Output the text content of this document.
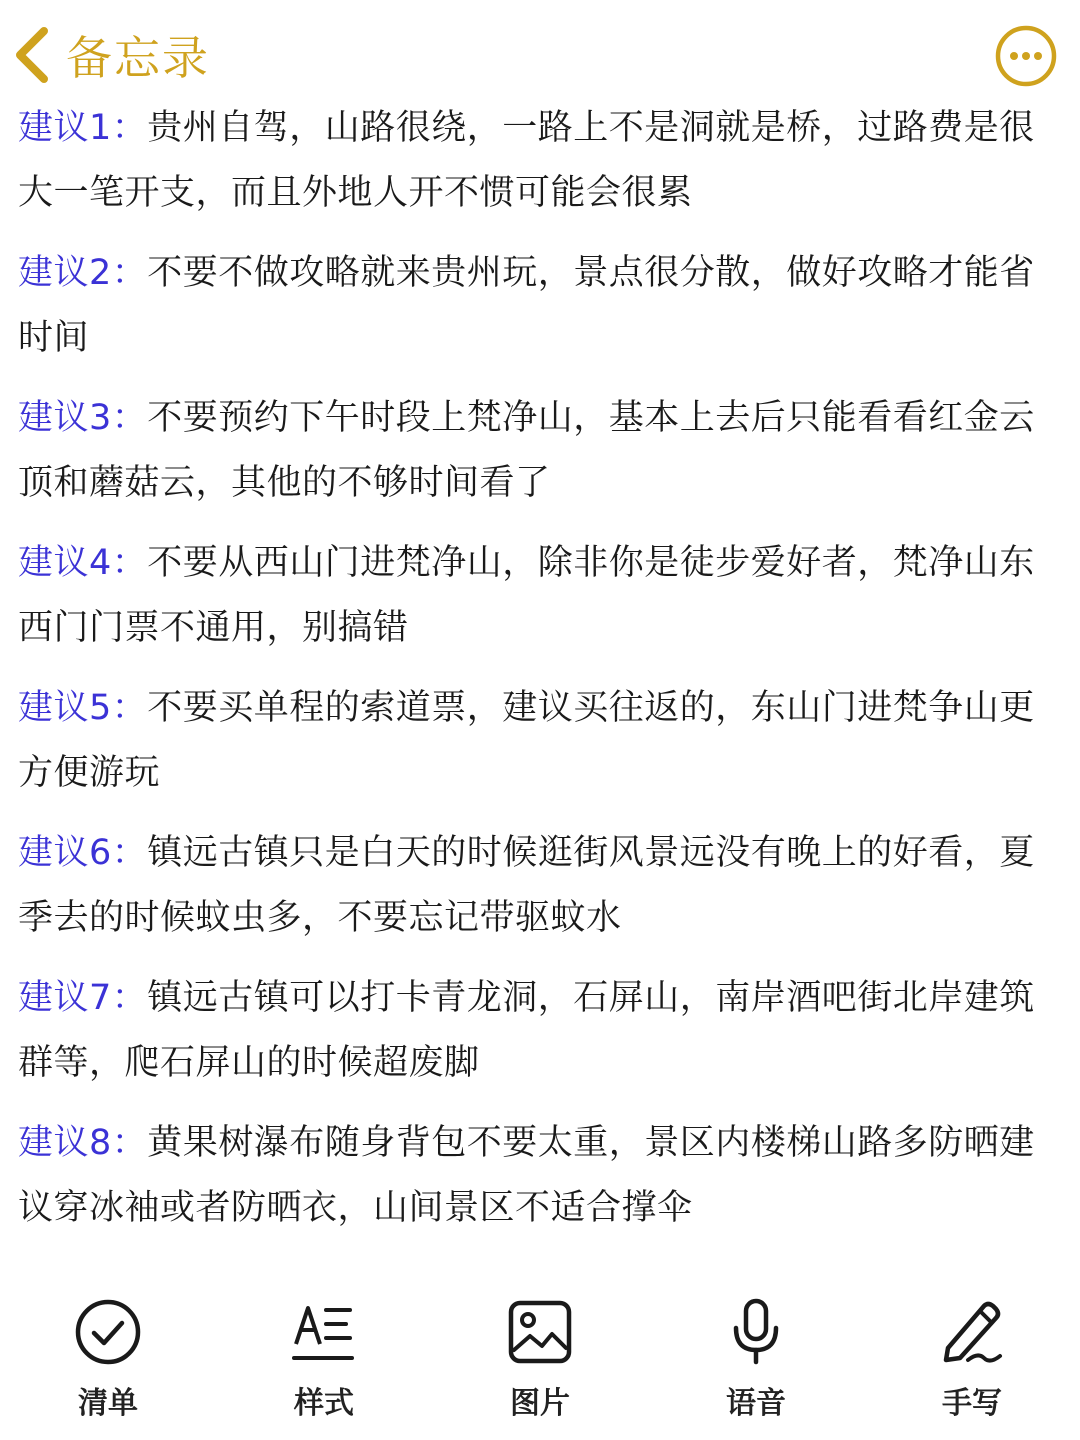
备忘录

建议1：贵州自驾，山路很绕，一路上不是洞就是桥，过路费是很大一笔开支，而且外地人开不惯可能会很累

建议2：不要不做攻略就来贵州玩，景点很分散，做好攻略才能省时间

建议3：不要预约下午时段上梵净山，基本上去后只能看看红金云顶和蘑菇云，其他的不够时间看了

建议4：不要从西山门进梵净山，除非你是徒步爱好者，梵净山东西门门票不通用，别搞错

建议5：不要买单程的索道票，建议买往返的，东山门进梵争山更方便游玩

建议6：镇远古镇只是白天的时候逛街风景远没有晚上的好看，夏季去的时候蚊虫多，不要忘记带驱蚊水

建议7：镇远古镇可以打卡青龙洞，石屏山，南岸酒吧街北岸建筑群等，爬石屏山的时候超废脚

建议8：黄果树瀑布随身背包不要太重，景区内楼梯山路多防晒建议穿冰袖或者防晒衣，山间景区不适合撑伞

清单	样式	图片	语音	手写
